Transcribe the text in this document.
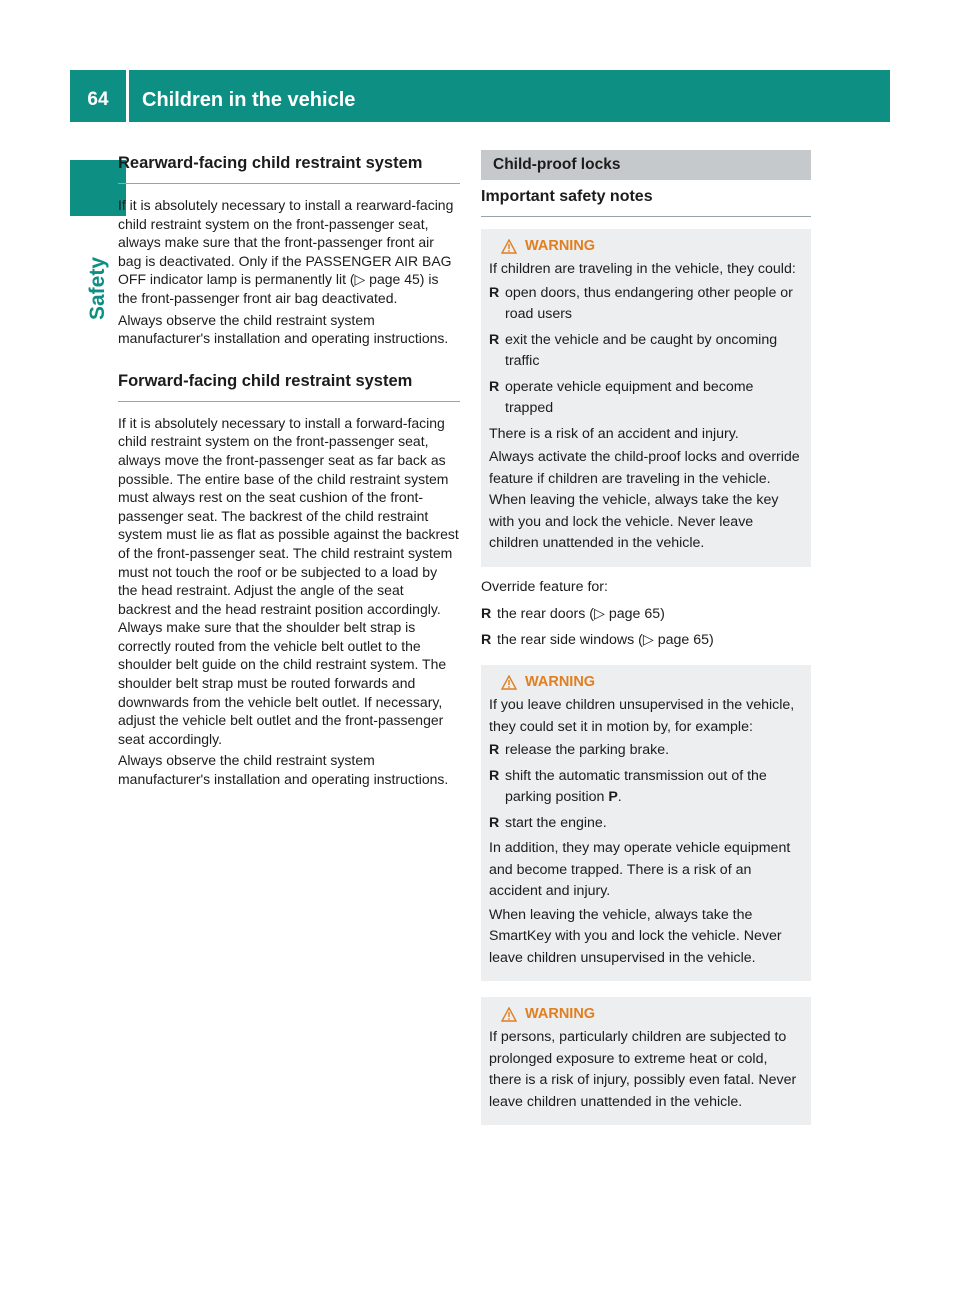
64	Children in the vehicle
Safety
Rearward-facing child restraint system

If it is absolutely necessary to install a rearward-facing child restraint system on the front-passenger seat, always make sure that the front-passenger front air bag is deactivated. Only if the PASSENGER AIR BAG OFF indicator lamp is permanently lit (▷ page 45) is the front-passenger front air bag deactivated.

Always observe the child restraint system manufacturer's installation and operating instructions.

Forward-facing child restraint system

If it is absolutely necessary to install a forward-facing child restraint system on the front-passenger seat, always move the front-passenger seat as far back as possible. The entire base of the child restraint system must always rest on the seat cushion of the front-passenger seat. The backrest of the child restraint system must lie as flat as possible against the backrest of the front-passenger seat. The child restraint system must not touch the roof or be subjected to a load by the head restraint. Adjust the angle of the seat backrest and the head restraint position accordingly. Always make sure that the shoulder belt strap is correctly routed from the vehicle belt outlet to the shoulder belt guide on the child restraint system. The shoulder belt strap must be routed forwards and downwards from the vehicle belt outlet. If necessary, adjust the vehicle belt outlet and the front-passenger seat accordingly.

Always observe the child restraint system manufacturer's installation and operating instructions.

Child-proof locks
Important safety notes
WARNING

If children are traveling in the vehicle, they could:

R open doors, thus endangering other people or road users
R exit the vehicle and be caught by oncoming traffic
R operate vehicle equipment and become trapped

There is a risk of an accident and injury.

Always activate the child-proof locks and override feature if children are traveling in the vehicle. When leaving the vehicle, always take the key with you and lock the vehicle. Never leave children unattended in the vehicle.

Override feature for:

R the rear doors (▷ page 65)
R the rear side windows (▷ page 65)
WARNING

If you leave children unsupervised in the vehicle, they could set it in motion by, for example:

R release the parking brake.
R shift the automatic transmission out of the parking position P.
R start the engine.

In addition, they may operate vehicle equipment and become trapped. There is a risk of an accident and injury.

When leaving the vehicle, always take the SmartKey with you and lock the vehicle. Never leave children unsupervised in the vehicle.

WARNING

If persons, particularly children are subjected to prolonged exposure to extreme heat or cold, there is a risk of injury, possibly even fatal. Never leave children unattended in the vehicle.
